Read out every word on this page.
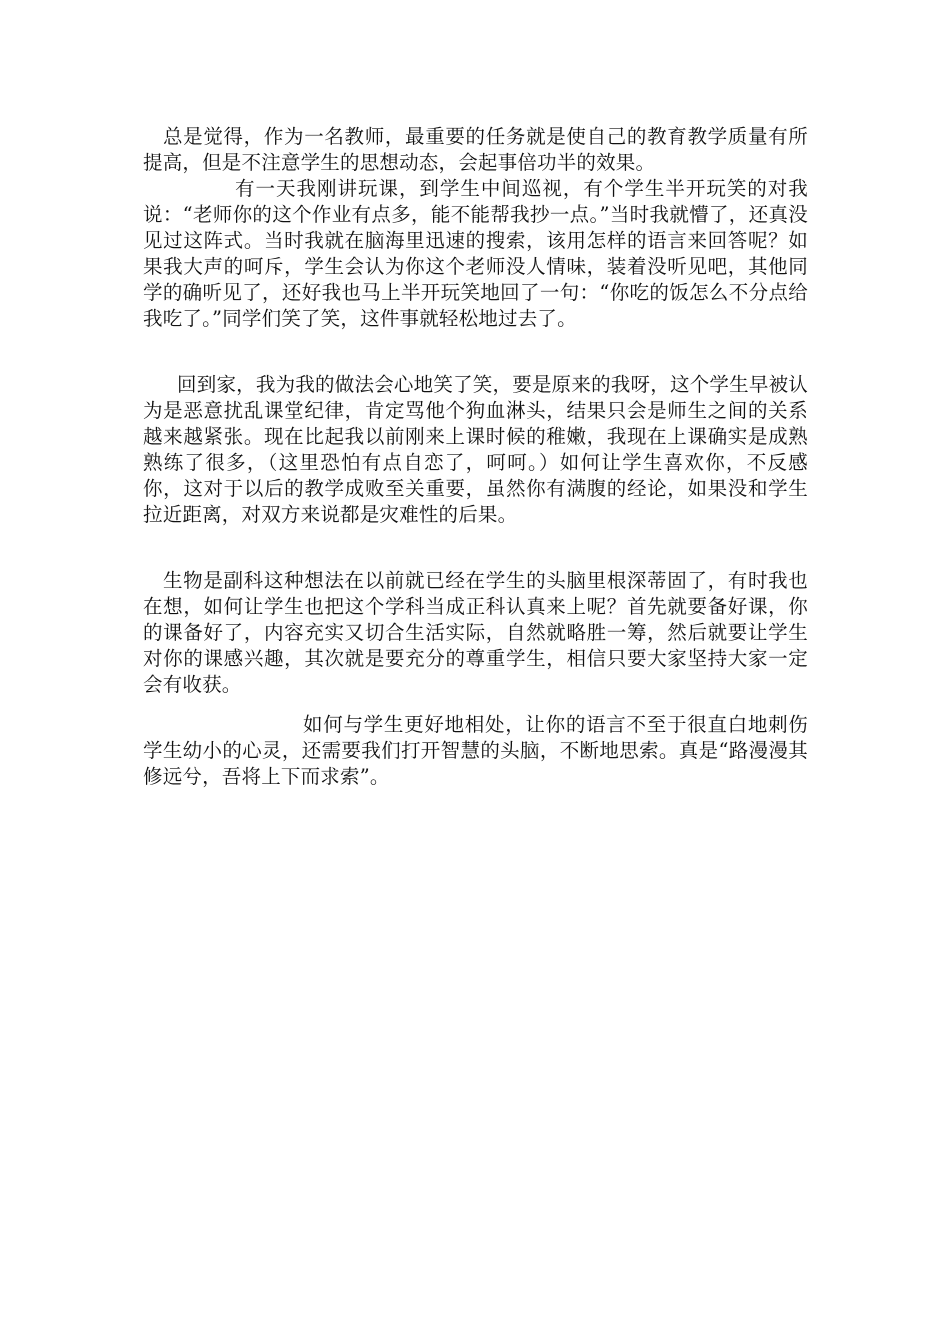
总是觉得，作为一名教师，最重要的任务就是使自己的教育教学质量有所提高，但是不注意学生的思想动态，会起事倍功半的效果。
有一天我刚讲玩课，到学生中间巡视，有个学生半开玩笑的对我说：“老师你的这个作业有点多，能不能帮我抄一点。”当时我就懵了，还真没见过这阵式。当时我就在脑海里迅速的搜索，该用怎样的语言来回答呢？如果我大声的呵斥，学生会认为你这个老师没人情味，装着没听见吧，其他同学的确听见了，还好我也马上半开玩笑地回了一句：“你吃的饭怎么不分点给我吃了。”同学们笑了笑，这件事就轻松地过去了。
回到家，我为我的做法会心地笑了笑，要是原来的我呀，这个学生早被认为是恶意扰乱课堂纪律，肯定骂他个狗血淋头，结果只会是师生之间的关系越来越紧张。现在比起我以前刚来上课时候的稚嫩，我现在上课确实是成熟熟练了很多，（这里恐怕有点自恋了，呵呵。）如何让学生喜欢你，不反感你，这对于以后的教学成败至关重要，虽然你有满腹的经论，如果没和学生拉近距离，对双方来说都是灾难性的后果。
生物是副科这种想法在以前就已经在学生的头脑里根深蒂固了，有时我也在想，如何让学生也把这个学科当成正科认真来上呢？首先就要备好课，你的课备好了，内容充实又切合生活实际，自然就略胜一筹，然后就要让学生对你的课感兴趣，其次就是要充分的尊重学生，相信只要大家坚持大家一定会有收获。
如何与学生更好地相处，让你的语言不至于很直白地刺伤学生幼小的心灵，还需要我们打开智慧的头脑，不断地思索。真是“路漫漫其修远兮，吾将上下而求索”。
